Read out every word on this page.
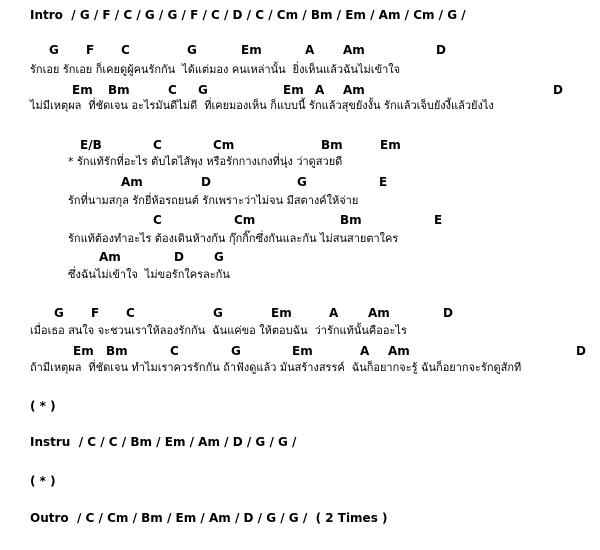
Intro  / G / F / C / G / G / F / C / D / C / Cm / Bm / Em / Am / Cm / G /
G F C	G	Em	A Am	D
รักเอย รักเอย ก็เคยดูผู้คนรักกัน  ได้แต่มอง คนเหล่านั้น  ยิ่งเห็นแล้วฉันไม่เข้าใจ
Em Bm	C G	Em A Am	D
ไม่มีเหตุผล  ที่ชัดเจน อะไรมันดีไม่ดี  ที่เคยมองเห็น ก็แบบนี้ รักแล้วสุขยังงั้น รักแล้วเจ็บยังงี้แล้วยังไง
E/B	C	Cm	Bm	Em
* รักแท้รักที่อะไร ตับไตไส้พุง หรือรักกางเกงที่นุ่ง ว่าดูสวยดี
Am	D	G	E
รักที่นามสกุล รักยี่ห้อรถยนต์ รักเพราะว่าไม่จน มีสตางค์ให้จ่าย
C	Cm	Bm	E
รักแท้ต้องทำอะไร ต้องเดินห้างกัน กุ๊กกิ๊กซึ่งกันและกัน ไม่สนสายตาใคร
Am	D	G
ซึ่งฉันไม่เข้าใจ  ไม่ขอรักใครละกัน
G F C	G	Em	A Am	D
เมื่อเธอ สนใจ จะชวนเราให้ลองรักกัน  ฉันแค่ขอ ให้ตอบฉัน  ว่ารักแท้นั้นคืออะไร
Em Bm	C	G	Em	A Am	D
ถ้ามีเหตุผล  ที่ชัดเจน ทำไมเราควรรักกัน ถ้าฟังดูแล้ว มันสร้างสรรค์  ฉันก็อยากจะรู้ ฉันก็อยากจะรักดูสักที
( * )
Instru  / C / C / Bm / Em / Am / D / G / G /
( * )
Outro  / C / Cm / Bm / Em / Am / D / G / G /  ( 2 Times )
